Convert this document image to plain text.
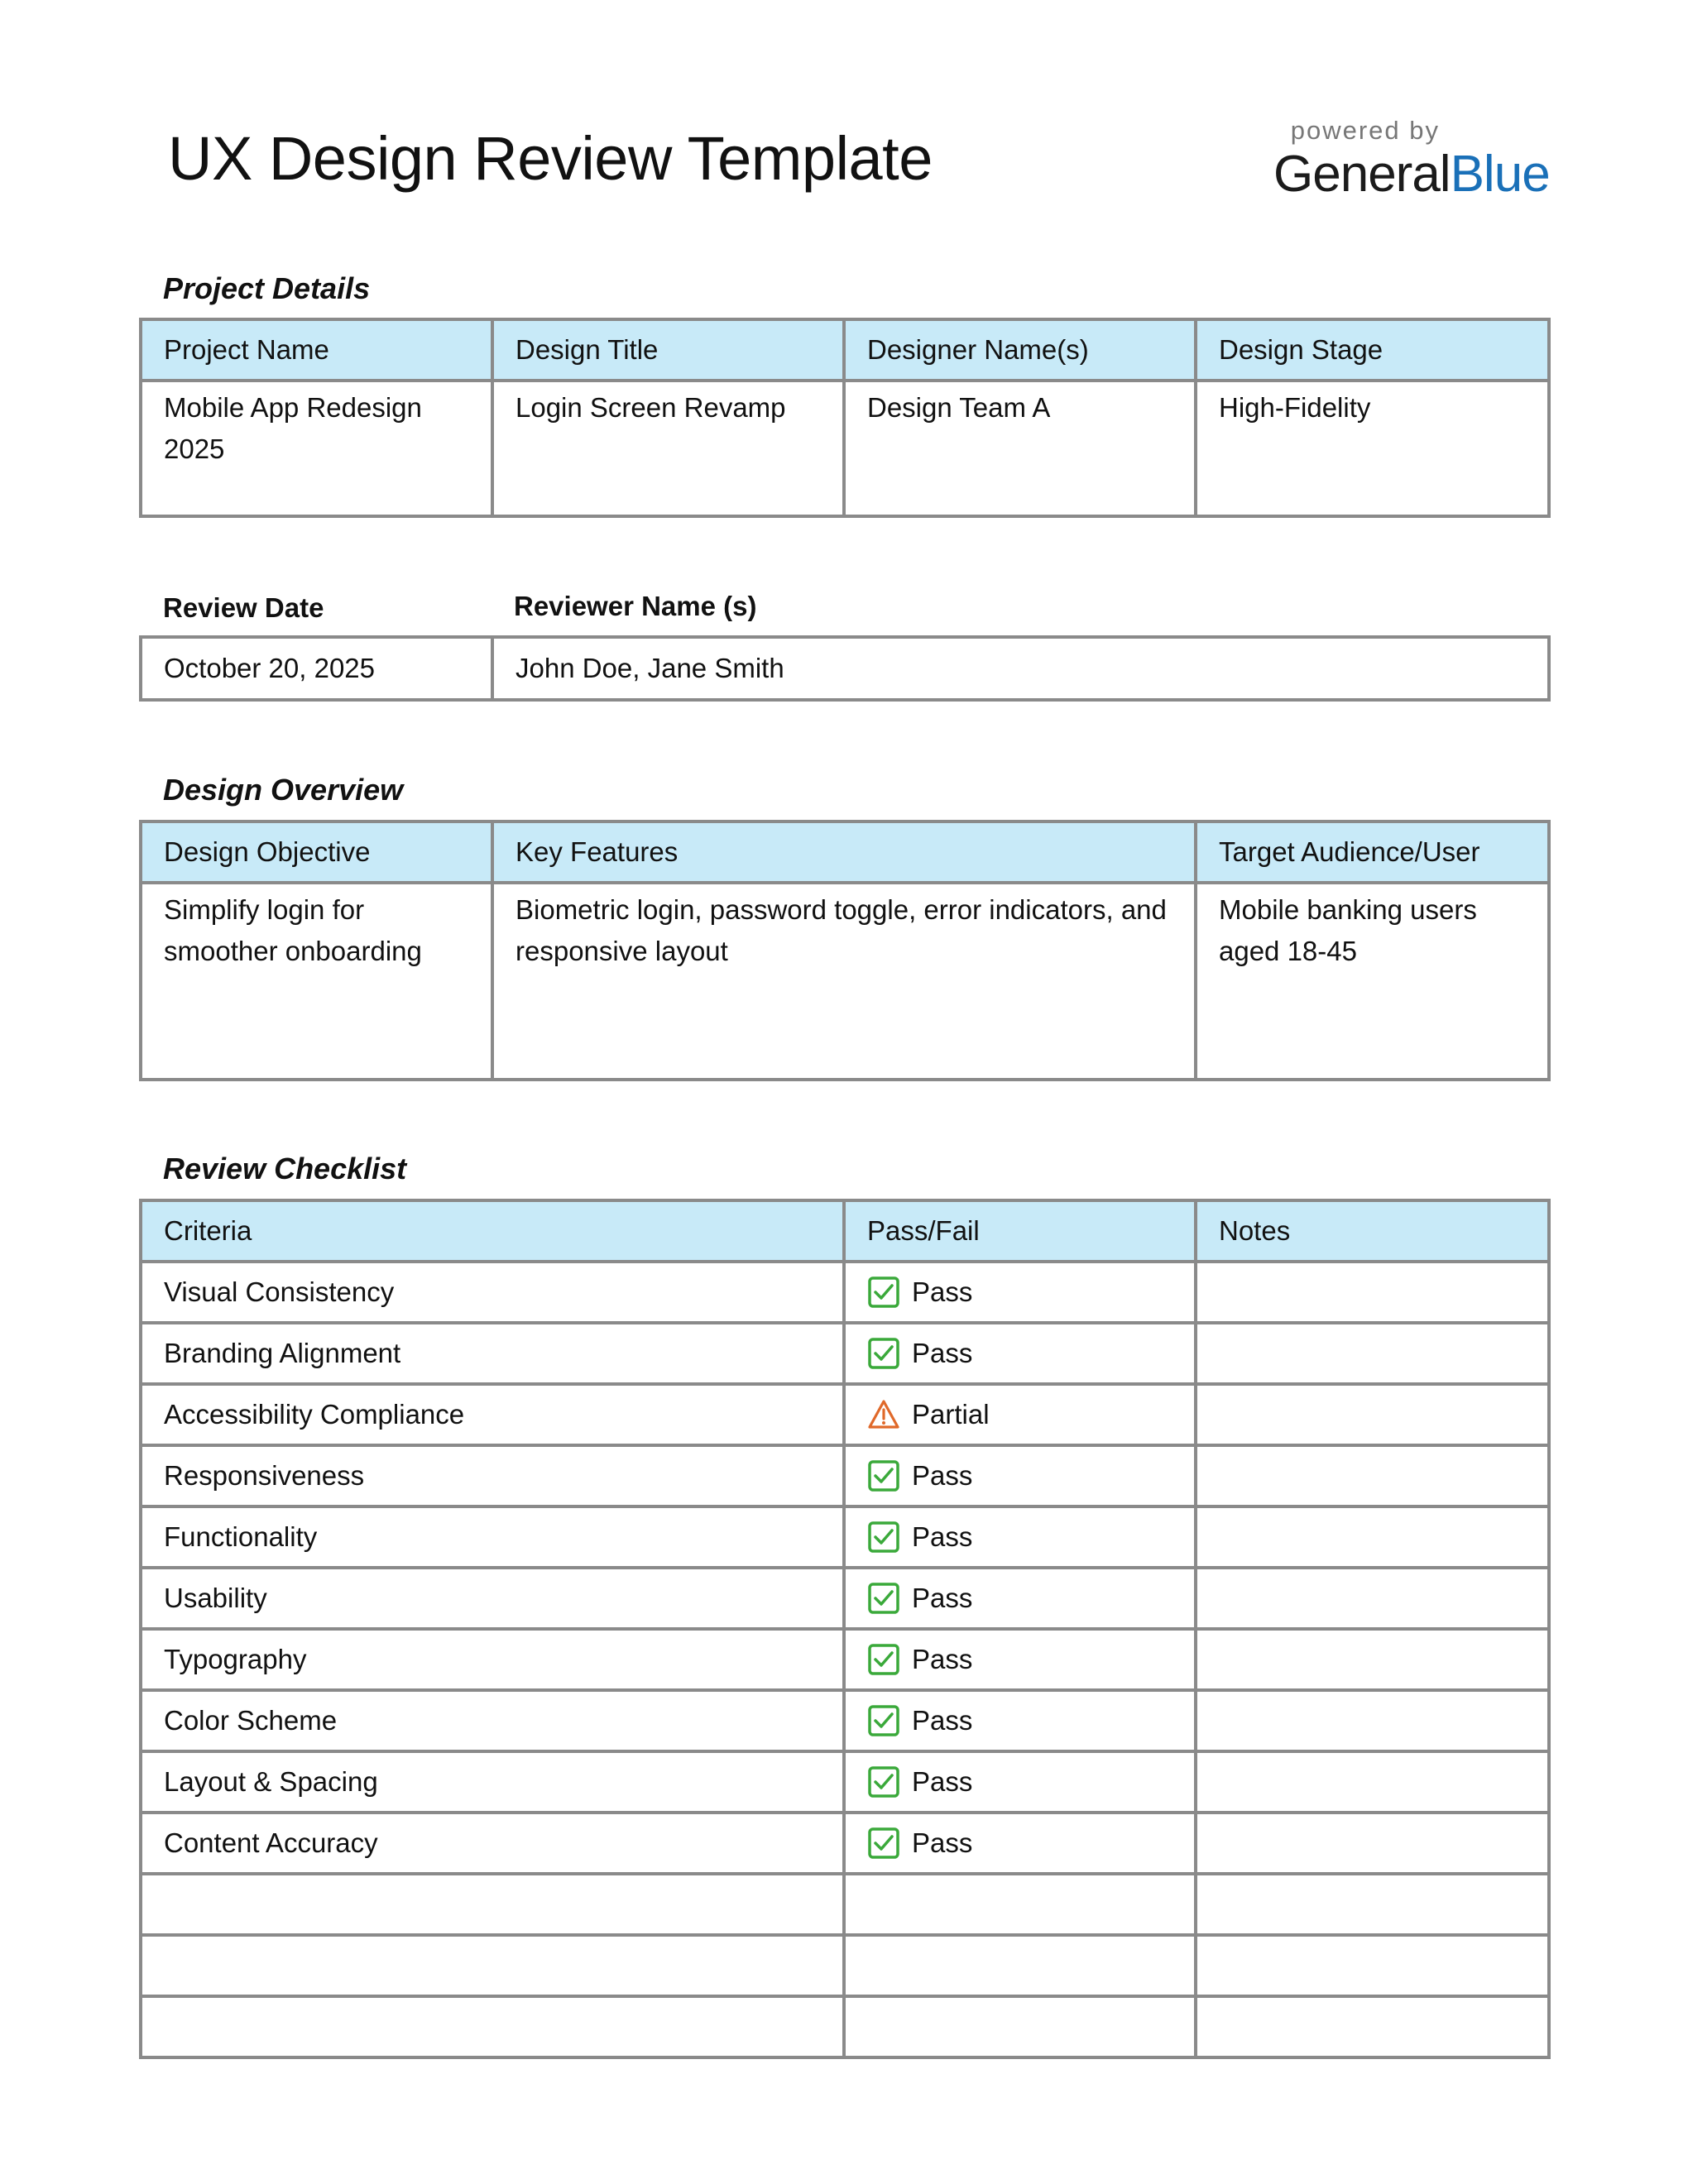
UX Design Review Template	powered by
GeneralBlue
Project Details
Project Name	Design Title	Designer Name(s)	Design Stage
Mobile App Redesign 2025	Login Screen Revamp	Design Team A	High-Fidelity
Review Date	Reviewer Name (s)
October 20, 2025	John Doe, Jane Smith
Design Overview
Design Objective	Key Features	Target Audience/User
Simplify login for smoother onboarding	Biometric login, password toggle, error indicators, and responsive layout	Mobile banking users aged 18-45
Review Checklist
Criteria	Pass/Fail	Notes
Visual Consistency	Pass	

Branding Alignment	Pass	

Accessibility Compliance	Partial	

Responsiveness	Pass	

Functionality	Pass	

Usability	Pass	

Typography	Pass	

Color Scheme	Pass	

Layout & Spacing	Pass	

Content Accuracy	Pass	
